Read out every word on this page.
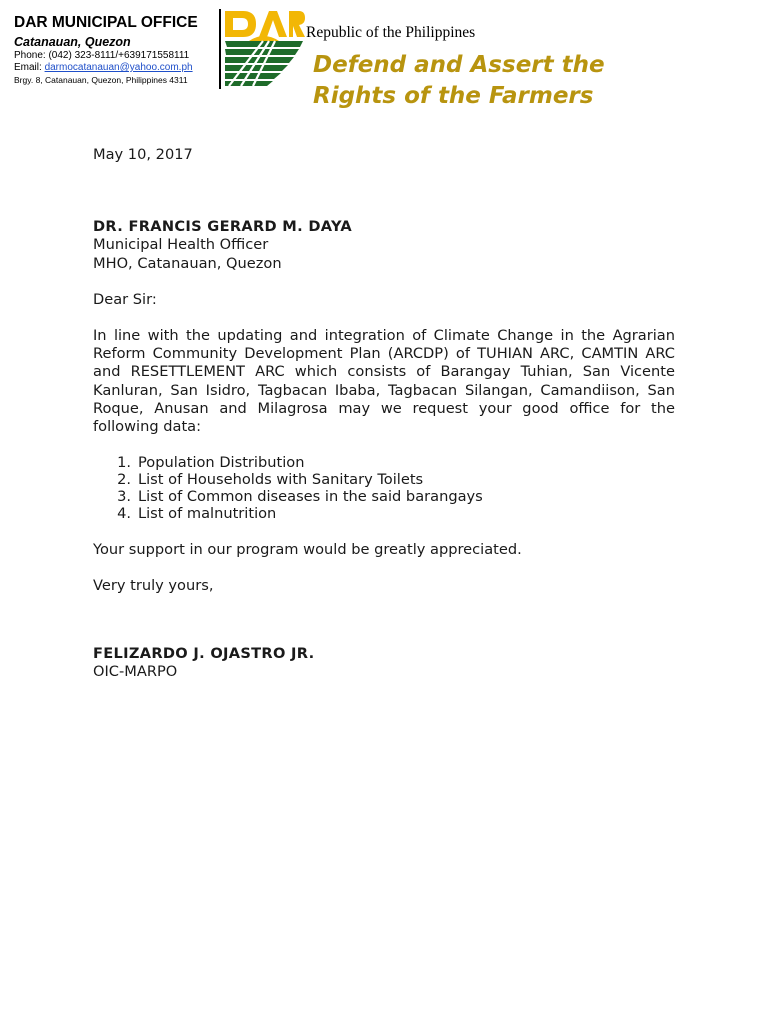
DAR MUNICIPAL OFFICE
Catanauan, Quezon
Phone: (042) 323-8111/+639171558111
Email: darmocatanauan@yahoo.com.ph
Brgy. 8, Catanauan, Quezon, Philippines 4311
Republic of the Philippines
Defend and Assert the
Rights of the Farmers

May 10, 2017

DR. FRANCIS GERARD M. DAYA
Municipal Health Officer
MHO, Catanauan, Quezon

Dear Sir:

In line with the updating and integration of Climate Change in the Agrarian Reform Community Development Plan (ARCDP) of TUHIAN ARC, CAMTIN ARC and RESETTLEMENT ARC which consists of Barangay Tuhian, San Vicente Kanluran, San Isidro, Tagbacan Ibaba, Tagbacan Silangan, Camandiison, San Roque, Anusan and Milagrosa may we request your good office for the following data:

1. Population Distribution
2. List of Households with Sanitary Toilets
3. List of Common diseases in the said barangays
4. List of malnutrition

Your support in our program would be greatly appreciated.

Very truly yours,

FELIZARDO J. OJASTRO JR.
OIC-MARPO
